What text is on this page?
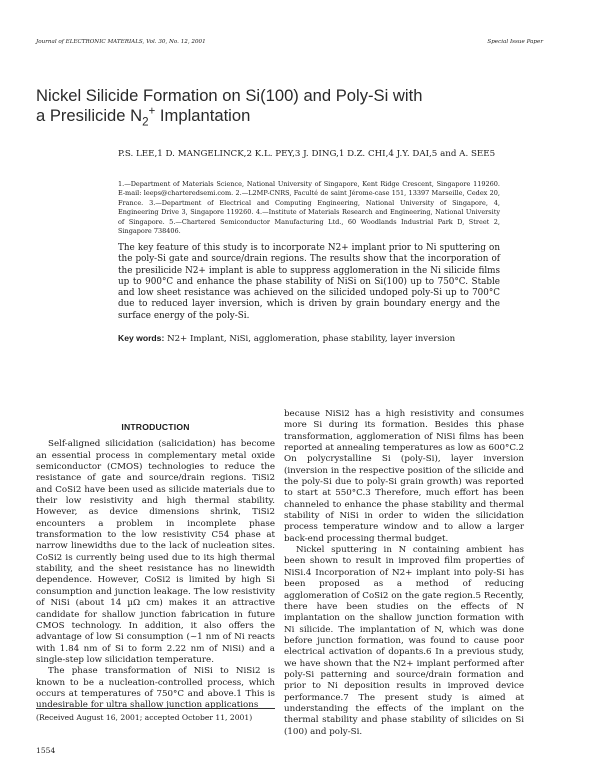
Journal of ELECTRONIC MATERIALS, Vol. 30, No. 12, 2001	Special Issue Paper
Nickel Silicide Formation on Si(100) and Poly-Si with
a Presilicide $N_2^+$ Implantation
P.S. LEE,1 D. MANGELINCK,2 K.L. PEY,3 J. DING,1 D.Z. CHI,4 J.Y. DAI,5 and A. SEE5
1.—Department of Materials Science, National University of Singapore, Kent Ridge Crescent, Singapore 119260. E-mail: leeps@charteredsemi.com. 2.—L2MP-CNRS, Faculté de saint Jérome-case 151, 13397 Marseille, Cedex 20, France. 3.—Department of Electrical and Computing Engineering, National University of Singapore, 4, Engineering Drive 3, Singapore 119260. 4.—Institute of Materials Research and Engineering, National University of Singapore. 5.—Chartered Semiconductor Manufacturing Ltd., 60 Woodlands Industrial Park D, Street 2, Singapore 738406.
The key feature of this study is to incorporate N2+ implant prior to Ni sputtering on the poly-Si gate and source/drain regions. The results show that the incorporation of the presilicide N2+ implant is able to suppress agglomeration in the Ni silicide films up to 900°C and enhance the phase stability of NiSi on Si(100) up to 750°C. Stable and low sheet resistance was achieved on the silicided undoped poly-Si up to 700°C due to reduced layer inversion, which is driven by grain boundary energy and the surface energy of the poly-Si.
Key words: N2+ Implant, NiSi, agglomeration, phase stability, layer inversion
INTRODUCTION

Self-aligned silicidation (salicidation) has become an essential process in complementary metal oxide semiconductor (CMOS) technologies to reduce the resistance of gate and source/drain regions. TiSi2 and CoSi2 have been used as silicide materials due to their low resistivity and high thermal stability. However, as device dimensions shrink, TiSi2 encounters a problem in incomplete phase transformation to the low resistivity C54 phase at narrow linewidths due to the lack of nucleation sites. CoSi2 is currently being used due to its high thermal stability, and the sheet resistance has no linewidth dependence. However, CoSi2 is limited by high Si consumption and junction leakage. The low resistivity of NiSi (about 14 µΩ cm) makes it an attractive candidate for shallow junction fabrication in future CMOS technology. In addition, it also offers the advantage of low Si consumption (~1 nm of Ni reacts with 1.84 nm of Si to form 2.22 nm of NiSi) and a single-step low silicidation temperature.

The phase transformation of NiSi to NiSi2 is known to be a nucleation-controlled process, which occurs at temperatures of 750°C and above.1 This is undesirable for ultra shallow junction applications

because NiSi2 has a high resistivity and consumes more Si during its formation. Besides this phase transformation, agglomeration of NiSi films has been reported at annealing temperatures as low as 600°C.2 On polycrystalline Si (poly-Si), layer inversion (inversion in the respective position of the silicide and the poly-Si due to poly-Si grain growth) was reported to start at 550°C.3 Therefore, much effort has been channeled to enhance the phase stability and thermal stability of NiSi in order to widen the silicidation process temperature window and to allow a larger back-end processing thermal budget.

Nickel sputtering in N containing ambient has been shown to result in improved film properties of NiSi.4 Incorporation of N2+ implant into poly-Si has been proposed as a method of reducing agglomeration of CoSi2 on the gate region.5 Recently, there have been studies on the effects of N implantation on the shallow junction formation with Ni silicide. The implantation of N, which was done before junction formation, was found to cause poor electrical activation of dopants.6 In a previous study, we have shown that the N2+ implant performed after poly-Si patterning and source/drain formation and prior to Ni deposition results in improved device performance.7 The present study is aimed at understanding the effects of the implant on the thermal stability and phase stability of silicides on Si (100) and poly-Si.

(Received August 16, 2001; accepted October 11, 2001)
1554
